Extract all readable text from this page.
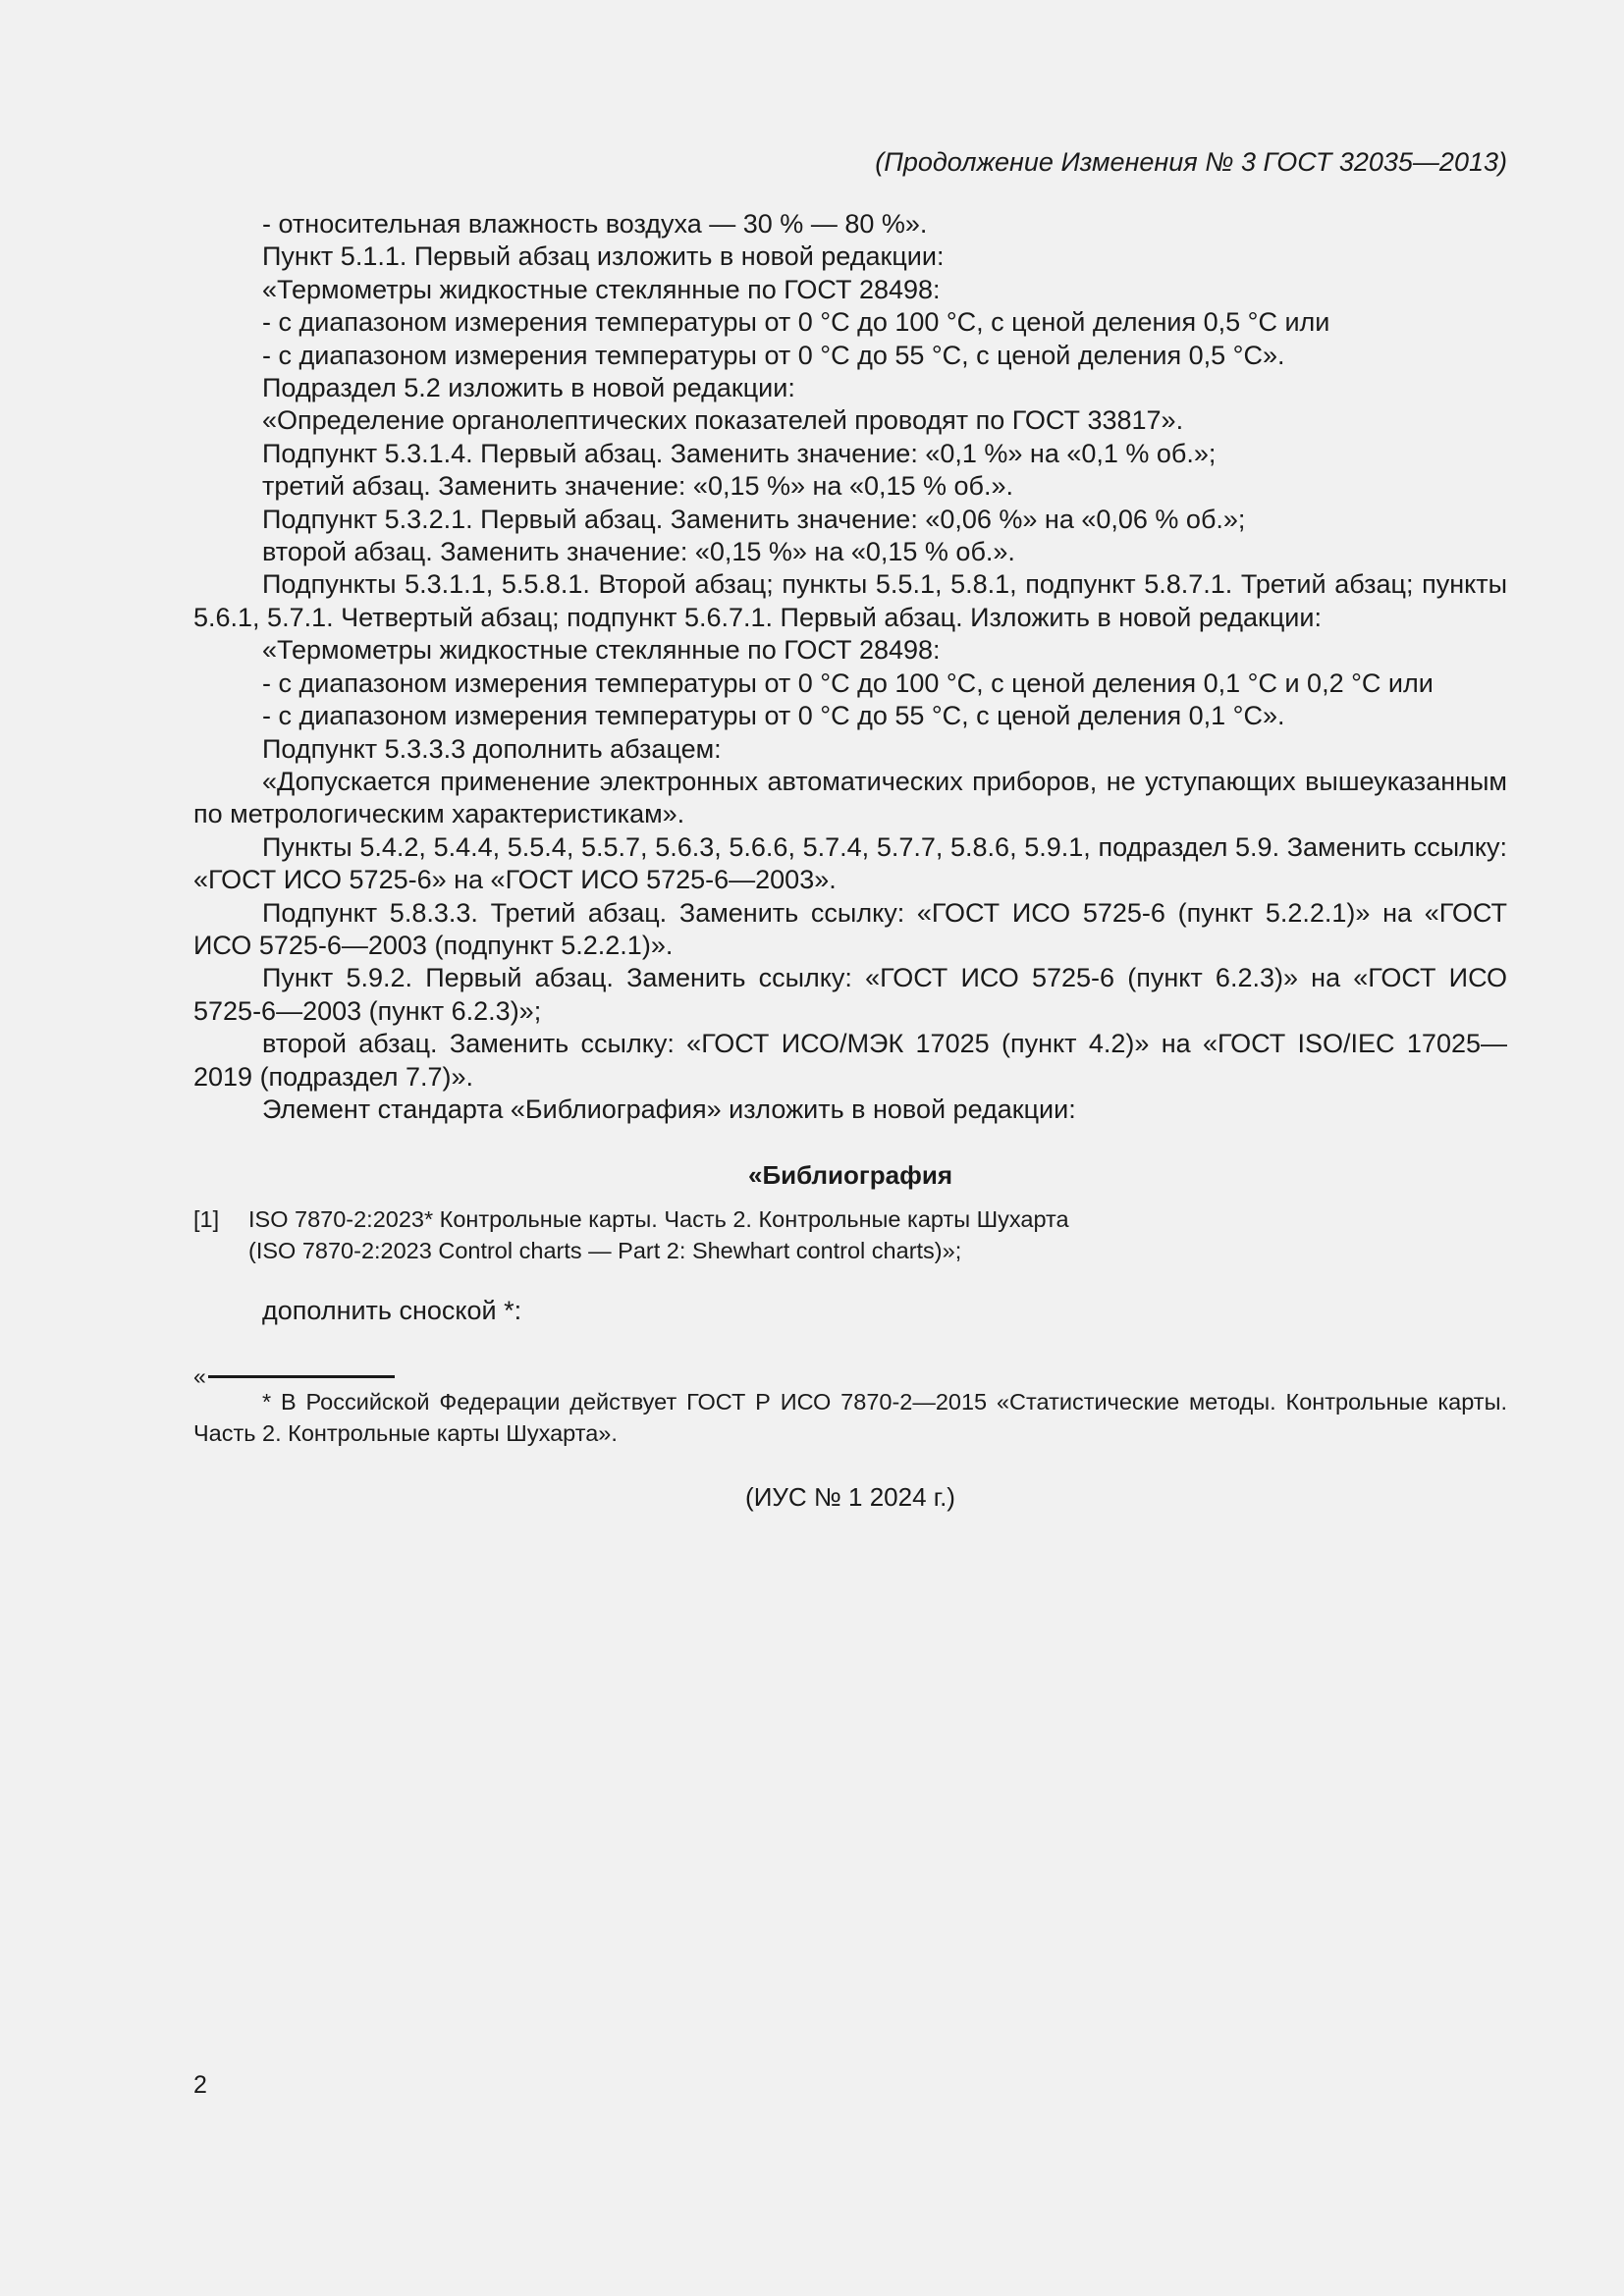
(Продолжение Изменения № 3 ГОСТ 32035—2013)

- относительная влажность воздуха — 30 % — 80 %».

Пункт 5.1.1. Первый абзац изложить в новой редакции:

«Термометры жидкостные стеклянные по ГОСТ 28498:

- с диапазоном измерения температуры от 0 °С до 100 °С, с ценой деления 0,5 °С или

- с диапазоном измерения температуры от 0 °С до 55 °С, с ценой деления 0,5 °С».

Подраздел 5.2 изложить в новой редакции:

«Определение органолептических показателей проводят по ГОСТ 33817».

Подпункт 5.3.1.4. Первый абзац. Заменить значение: «0,1 %» на «0,1 % об.»;

третий абзац. Заменить значение: «0,15 %» на «0,15 % об.».

Подпункт 5.3.2.1. Первый абзац. Заменить значение: «0,06 %» на «0,06 % об.»;

второй абзац. Заменить значение: «0,15 %» на «0,15 % об.».

Подпункты 5.3.1.1, 5.5.8.1. Второй абзац; пункты 5.5.1, 5.8.1, подпункт 5.8.7.1. Третий абзац; пункты 5.6.1, 5.7.1. Четвертый абзац; подпункт 5.6.7.1. Первый абзац. Изложить в новой редакции:

«Термометры жидкостные стеклянные по ГОСТ 28498:

- с диапазоном измерения температуры от 0 °С до 100 °С, с ценой деления 0,1 °С и 0,2 °С или

- с диапазоном измерения температуры от 0 °С до 55 °С, с ценой деления 0,1 °С».

Подпункт 5.3.3.3 дополнить абзацем:

«Допускается применение электронных автоматических приборов, не уступающих вышеуказанным по метрологическим характеристикам».

Пункты 5.4.2, 5.4.4, 5.5.4, 5.5.7, 5.6.3, 5.6.6, 5.7.4, 5.7.7, 5.8.6, 5.9.1, подраздел 5.9. Заменить ссылку: «ГОСТ ИСО 5725-6» на «ГОСТ ИСО 5725-6—2003».

Подпункт 5.8.3.3. Третий абзац. Заменить ссылку: «ГОСТ ИСО 5725-6 (пункт 5.2.2.1)» на «ГОСТ ИСО 5725-6—2003 (подпункт 5.2.2.1)».

Пункт 5.9.2. Первый абзац. Заменить ссылку: «ГОСТ ИСО 5725-6 (пункт 6.2.3)» на «ГОСТ ИСО 5725-6—2003 (пункт 6.2.3)»;

второй абзац. Заменить ссылку: «ГОСТ ИСО/МЭК 17025 (пункт 4.2)» на «ГОСТ ISO/IEC 17025—2019 (подраздел 7.7)».

Элемент стандарта «Библиография» изложить в новой редакции:

«Библиография
[1] ISO 7870-2:2023* Контрольные карты. Часть 2. Контрольные карты Шухарта
(ISO 7870-2:2023 Control charts — Part 2: Shewhart control charts)»;
дополнить сноской *:
«

* В Российской Федерации действует ГОСТ Р ИСО 7870-2—2015 «Статистические методы. Контрольные карты. Часть 2. Контрольные карты Шухарта».

(ИУС № 1 2024 г.)
2
